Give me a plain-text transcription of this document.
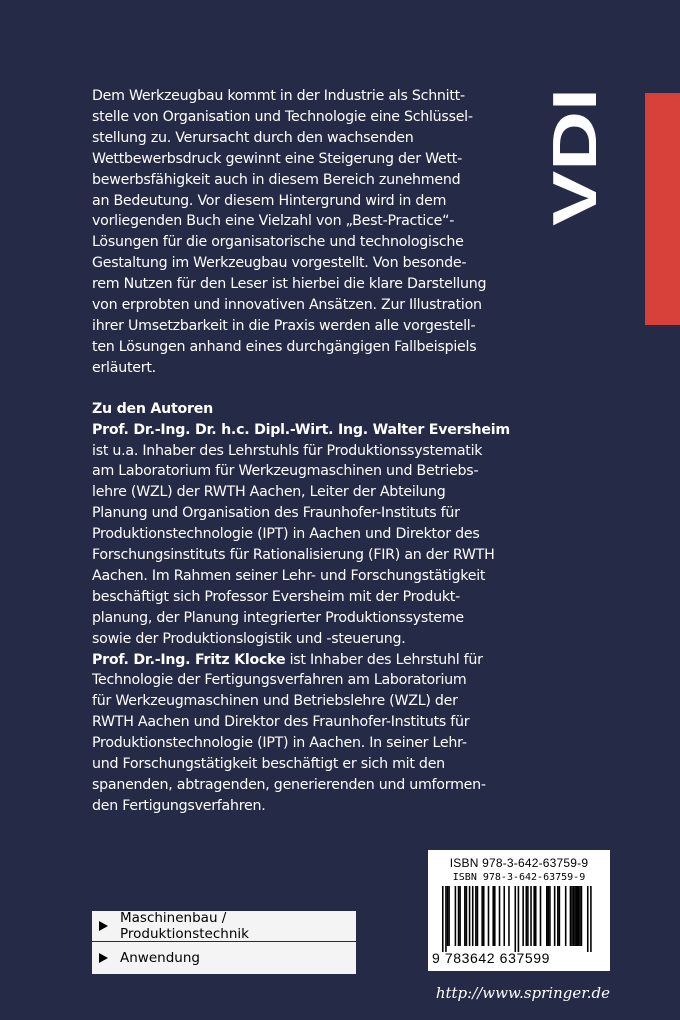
Dem Werkzeugbau kommt in der Industrie als Schnitt-
stelle von Organisation und Technologie eine Schlüssel-
stellung zu. Verursacht durch den wachsenden
Wettbewerbsdruck gewinnt eine Steigerung der Wett-
bewerbsfähigkeit auch in diesem Bereich zunehmend
an Bedeutung. Vor diesem Hintergrund wird in dem
vorliegenden Buch eine Vielzahl von „Best-Practice“-
Lösungen für die organisatorische und technologische
Gestaltung im Werkzeugbau vorgestellt. Von besonde-
rem Nutzen für den Leser ist hierbei die klare Darstellung
von erprobten und innovativen Ansätzen. Zur Illustration
ihrer Umsetzbarkeit in die Praxis werden alle vorgestell-
ten Lösungen anhand eines durchgängigen Fallbeispiels
erläutert.

Zu den Autoren

Prof. Dr.-Ing. Dr. h.c. Dipl.-Wirt. Ing. Walter Eversheim
ist u.a. Inhaber des Lehrstuhls für Produktionssystematik
am Laboratorium für Werkzeugmaschinen und Betriebs-
lehre (WZL) der RWTH Aachen, Leiter der Abteilung
Planung und Organisation des Fraunhofer-Instituts für
Produktionstechnologie (IPT) in Aachen und Direktor des
Forschungsinstituts für Rationalisierung (FIR) an der RWTH
Aachen. Im Rahmen seiner Lehr- und Forschungstätigkeit
beschäftigt sich Professor Eversheim mit der Produkt-
planung, der Planung integrierter Produktionssysteme
sowie der Produktionslogistik und -steuerung.

Prof. Dr.-Ing. Fritz Klocke ist Inhaber des Lehrstuhl für
Technologie der Fertigungsverfahren am Laboratorium
für Werkzeugmaschinen und Betriebslehre (WZL) der
RWTH Aachen und Direktor des Fraunhofer-Instituts für
Produktionstechnologie (IPT) in Aachen. In seiner Lehr-
und Forschungstätigkeit beschäftigt er sich mit den
spanenden, abtragenden, generierenden und umformen-
den Fertigungsverfahren.

VDI
ISBN 978-3-642-63759-9
ISBN 978-3-642-63759-9
9 783642 637599
Maschinenbau / Produktionstechnik
Anwendung
http://www.springer.de
